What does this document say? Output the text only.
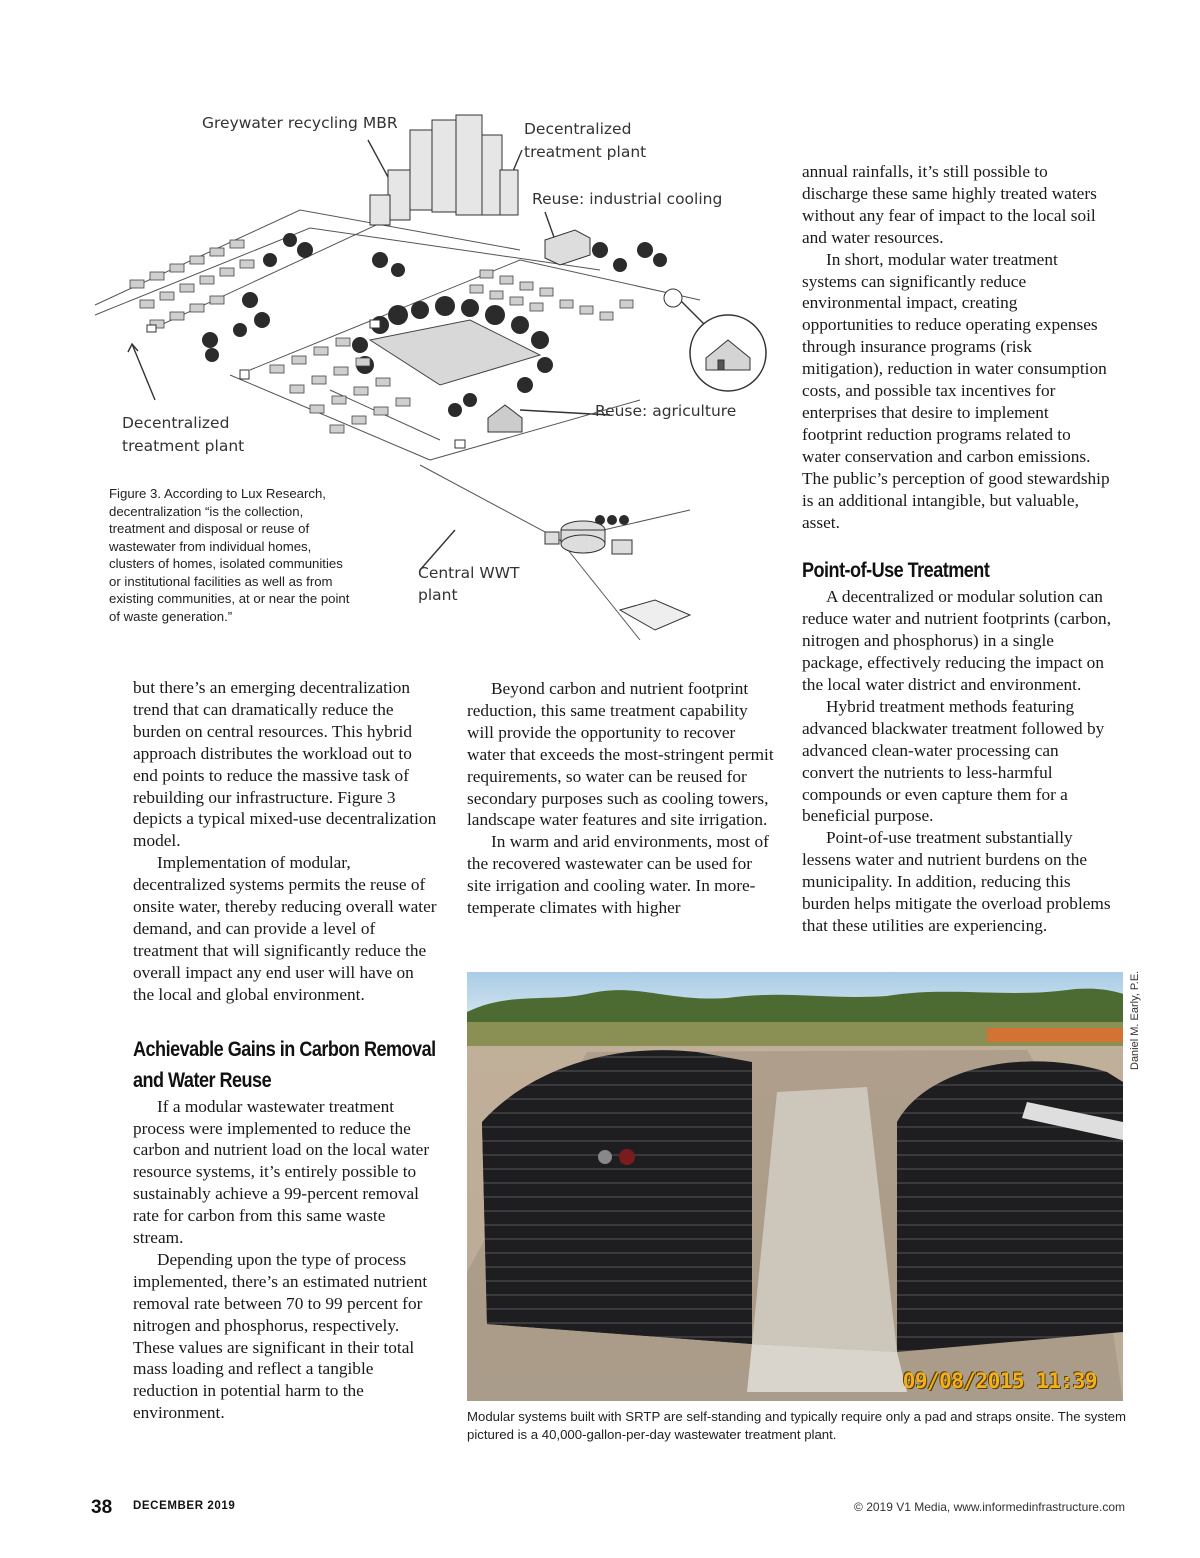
Greywater recycling MBR	Decentralized
treatment plant
Reuse: industrial cooling
Reuse: agriculture
Decentralized
treatment plant
Central WWT
plant
Figure 3. According to Lux Research, decentralization “is the collection, treatment and disposal or reuse of wastewater from individual homes, clusters of homes, isolated communities or institutional facilities as well as from existing communities, at or near the point of waste generation.”

but there’s an emerging decentralization trend that can dramatically reduce the burden on central resources. This hybrid approach distributes the workload out to end points to reduce the massive task of rebuilding our infrastructure. Figure 3 depicts a typical mixed-use decentralization model.

Implementation of modular, decentralized systems permits the reuse of onsite water, thereby reducing overall water demand, and can provide a level of treatment that will significantly reduce the overall impact any end user will have on the local and global environment.

Achievable Gains in Carbon Removal
and Water Reuse

If a modular wastewater treatment process were implemented to reduce the carbon and nutrient load on the local water resource systems, it’s entirely possible to sustainably achieve a 99-percent removal rate for carbon from this same waste stream.

Depending upon the type of process implemented, there’s an estimated nutrient removal rate between 70 to 99 percent for nitrogen and phosphorus, respectively. These values are significant in their total mass loading and reflect a tangible reduction in potential harm to the environment.

Beyond carbon and nutrient footprint reduction, this same treatment capability will provide the opportunity to recover water that exceeds the most-stringent permit requirements, so water can be reused for secondary purposes such as cooling towers, landscape water features and site irrigation.

In warm and arid environments, most of the recovered wastewater can be used for site irrigation and cooling water. In more-temperate climates with higher

annual rainfalls, it’s still possible to discharge these same highly treated waters without any fear of impact to the local soil and water resources.

In short, modular water treatment systems can significantly reduce environmental impact, creating opportunities to reduce operating expenses through insurance programs (risk mitigation), reduction in water consumption costs, and possible tax incentives for enterprises that desire to implement footprint reduction programs related to water conservation and carbon emissions. The public’s perception of good stewardship is an additional intangible, but valuable, asset.

Point-of-Use Treatment

A decentralized or modular solution can reduce water and nutrient footprints (carbon, nitrogen and phosphorus) in a single package, effectively reducing the impact on the local water district and environment.

Hybrid treatment methods featuring advanced blackwater treatment followed by advanced clean-water processing can convert the nutrients to less-harmful compounds or even capture them for a beneficial purpose.

Point-of-use treatment substantially lessens water and nutrient burdens on the municipality. In addition, reducing this burden helps mitigate the overload problems that these utilities are experiencing.

09/08/2015 11:39
Daniel M. Early, P.E.
Modular systems built with SRTP are self-standing and typically require only a pad and straps onsite. The system pictured is a 40,000-gallon-per-day wastewater treatment plant.
38 DECEMBER 2019	© 2019 V1 Media, www.informedinfrastructure.com
